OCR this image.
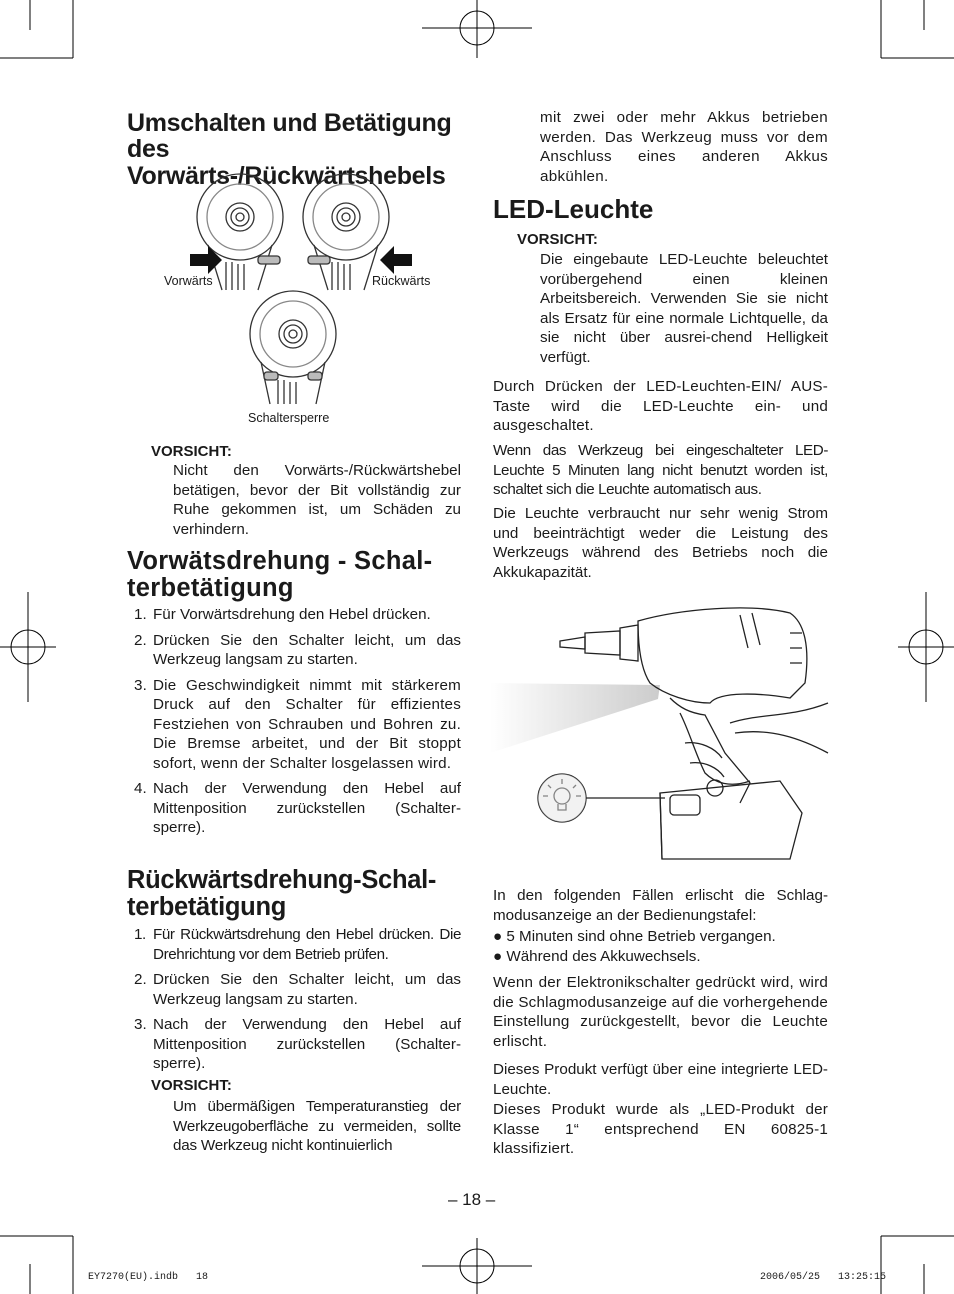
Umschalten und Betätigung des Vorwärts-/Rückwärtshebels
Vorwärts	Rückwärts
Schaltersperre
VORSICHT:

Nicht den Vorwärts-/Rückwärtshebel betätigen, bevor der Bit vollständig zur Ruhe gekommen ist, um Schäden zu verhindern.

Vorwätsdrehung - Schal-terbetätigung
1. Für Vorwärtsdrehung den Hebel drücken.
2. Drücken Sie den Schalter leicht, um das Werkzeug langsam zu starten.
3. Die Geschwindigkeit nimmt mit stärkerem Druck auf den Schalter für effizientes Festziehen von Schrauben und Bohren zu. Die Bremse arbeitet, und der Bit stoppt sofort, wenn der Schalter losgelassen wird.
4. Nach der Verwendung den Hebel auf Mittenposition zurückstellen (Schalter-sperre).
Rückwärtsdrehung-Schal-terbetätigung
1. Für Rückwärtsdrehung den Hebel drücken. Die Drehrichtung vor dem Betrieb prüfen.
2. Drücken Sie den Schalter leicht, um das Werkzeug langsam zu starten.
3. Nach der Verwendung den Hebel auf Mittenposition zurückstellen (Schalter-sperre).
VORSICHT:

Um übermäßigen Temperaturanstieg der Werkzeugoberfläche zu vermeiden, sollte das Werkzeug nicht kontinuierlich

mit zwei oder mehr Akkus betrieben werden. Das Werkzeug muss vor dem Anschluss eines anderen Akkus abkühlen.

LED-Leuchte
VORSICHT:

Die eingebaute LED-Leuchte beleuchtet vorübergehend einen kleinen Arbeitsbereich. Verwenden Sie sie nicht als Ersatz für eine normale Lichtquelle, da sie nicht über ausrei-chend Helligkeit verfügt.

Durch Drücken der LED-Leuchten-EIN/ AUS-Taste wird die LED-Leuchte ein- und ausgeschaltet.

Wenn das Werkzeug bei eingeschalteter LED-Leuchte 5 Minuten lang nicht benutzt worden ist, schaltet sich die Leuchte automatisch aus.

Die Leuchte verbraucht nur sehr wenig Strom und beeinträchtigt weder die Leistung des Werkzeugs während des Betriebs noch die Akkukapazität.

In den folgenden Fällen erlischt die Schlag-modusanzeige an der Bedienungstafel:

● 5 Minuten sind ohne Betrieb vergangen.
● Während des Akkuwechsels.

Wenn der Elektronikschalter gedrückt wird, wird die Schlagmodusanzeige auf die vorhergehende Einstellung zurückgestellt, bevor die Leuchte erlischt.

Dieses Produkt verfügt über eine integrierte LED-Leuchte.

Dieses Produkt wurde als „LED-Produkt der Klasse 1“ entsprechend EN 60825-1 klassifiziert.

– 18 –
EY7270(EU).indb   18	2006/05/25   13:25:15
